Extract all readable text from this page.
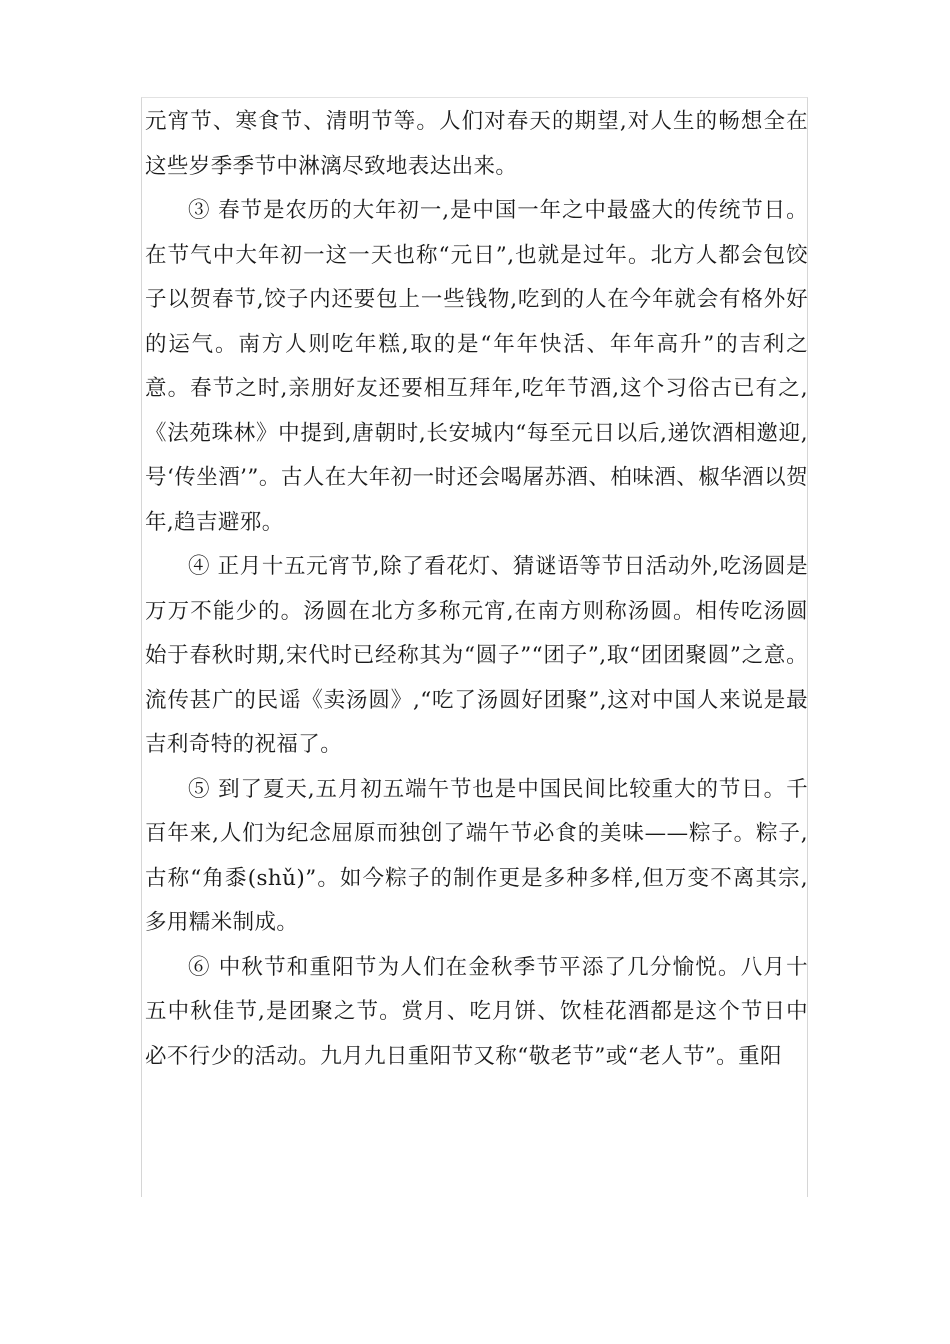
元宵节、寒食节、清明节等。人们对春天的期望,对人生的畅想全在这些岁季季节中淋漓尽致地表达出来。

③ 春节是农历的大年初一,是中国一年之中最盛大的传统节日。在节气中大年初一这一天也称“元日”,也就是过年。北方人都会包饺子以贺春节,饺子内还要包上一些钱物,吃到的人在今年就会有格外好的运气。南方人则吃年糕,取的是“年年快活、年年高升”的吉利之意。春节之时,亲朋好友还要相互拜年,吃年节酒,这个习俗古已有之,《法苑珠林》中提到,唐朝时,长安城内“每至元日以后,递饮酒相邀迎,号‘传坐酒’”。古人在大年初一时还会喝屠苏酒、柏味酒、椒华酒以贺年,趋吉避邪。

④ 正月十五元宵节,除了看花灯、猜谜语等节日活动外,吃汤圆是万万不能少的。汤圆在北方多称元宵,在南方则称汤圆。相传吃汤圆始于春秋时期,宋代时已经称其为“圆子”“团子”,取“团团聚圆”之意。流传甚广的民谣《卖汤圆》,“吃了汤圆好团聚”,这对中国人来说是最吉利奇特的祝福了。

⑤ 到了夏天,五月初五端午节也是中国民间比较重大的节日。千百年来,人们为纪念屈原而独创了端午节必食的美味——粽子。粽子, 古称“角黍(shǔ)”。如今粽子的制作更是多种多样,但万变不离其宗,多用糯米制成。

⑥ 中秋节和重阳节为人们在金秋季节平添了几分愉悦。八月十五中秋佳节,是团聚之节。赏月、吃月饼、饮桂花酒都是这个节日中必不行少的活动。九月九日重阳节又称“敬老节”或“老人节”。重阳
